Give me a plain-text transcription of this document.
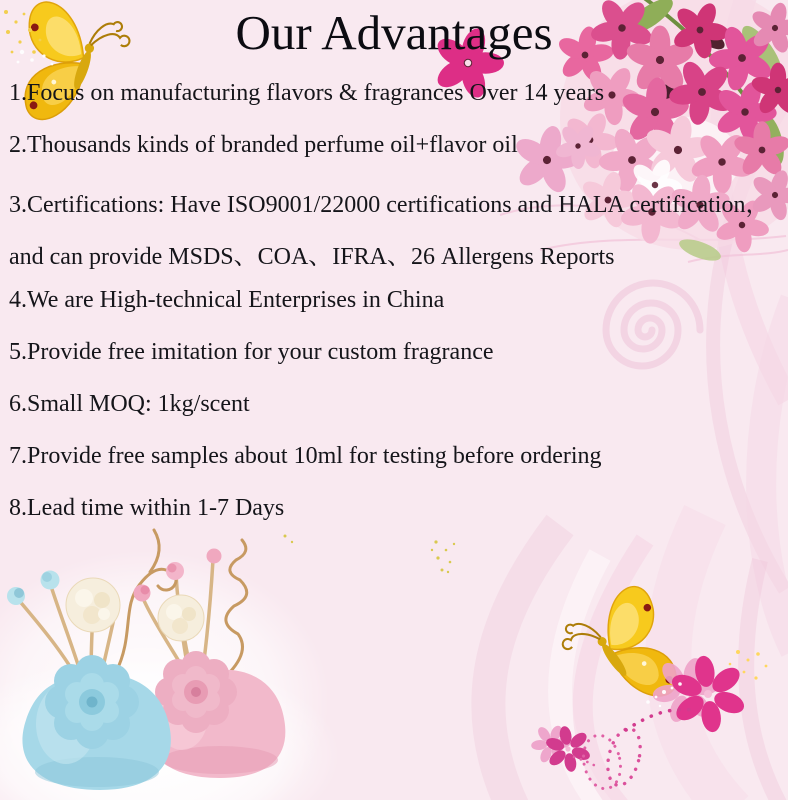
Our Advantages

1.Focus on manufacturing flavors & fragrances Over 14 years

2.Thousands kinds of branded perfume oil+flavor oil

3.Certifications: Have ISO9001/22000 certifications and HALA certification，

and can provide MSDS、COA、IFRA、26 Allergens Reports

4.We are High-technical Enterprises in China

5.Provide free imitation for your custom fragrance

6.Small MOQ: 1kg/scent

7.Provide free samples about 10ml for testing before ordering

8.Lead time within 1-7 Days
